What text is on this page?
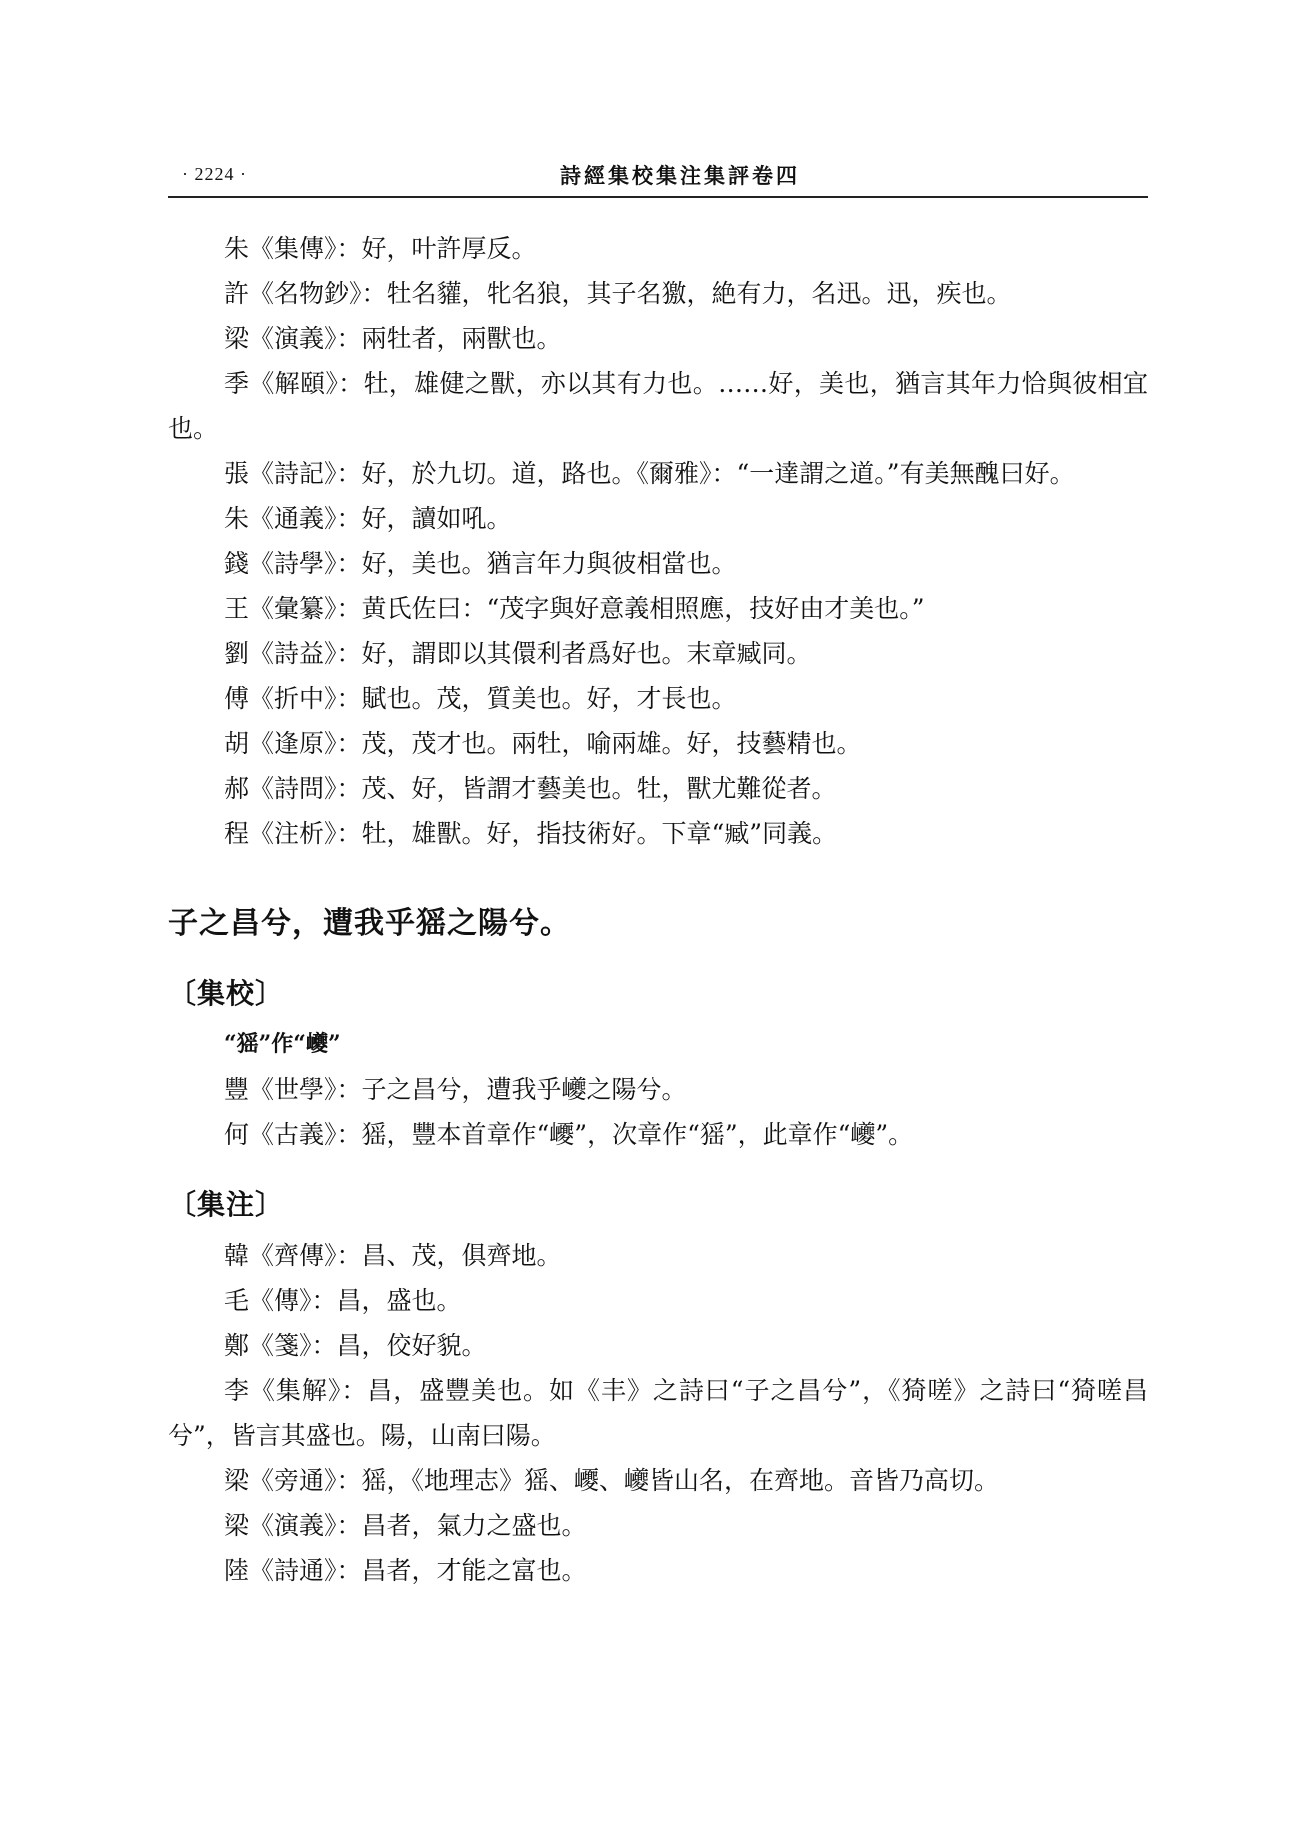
· 2224 ·	詩經集校集注集評卷四

朱《集傳》：好，叶許厚反。

許《名物鈔》：牡名貛，牝名狼，其子名獥，絶有力，名迅。迅，疾也。

梁《演義》：兩牡者，兩獸也。

季《解頤》：牡，雄健之獸，亦以其有力也。……好，美也，猶言其年力恰與彼相宜也。

張《詩記》：好，於九切。道，路也。《爾雅》：“一達謂之道。”有美無醜曰好。

朱《通義》：好，讀如吼。

錢《詩學》：好，美也。猶言年力與彼相當也。

王《彙纂》：黄氏佐曰：“茂字與好意義相照應，技好由才美也。”

劉《詩益》：好，謂即以其儇利者爲好也。末章臧同。

傅《折中》：賦也。茂，質美也。好，才長也。

胡《逢原》：茂，茂才也。兩牡，喻兩雄。好，技藝精也。

郝《詩問》：茂、好，皆謂才藝美也。牡，獸尤難從者。

程《注析》：牡，雄獸。好，指技術好。下章“臧”同義。

子之昌兮，遭我乎猺之陽兮。
〔集校〕

“猺”作“巙”

豐《世學》：子之昌兮，遭我乎巙之陽兮。

何《古義》：猺，豐本首章作“巎”，次章作“猺”，此章作“巙”。

〔集注〕

韓《齊傳》：昌、茂，俱齊地。

毛《傳》：昌，盛也。

鄭《箋》：昌，佼好貌。

李《集解》：昌，盛豐美也。如《丰》之詩曰“子之昌兮”，《猗嗟》之詩曰“猗嗟昌兮”，皆言其盛也。陽，山南曰陽。

梁《旁通》：猺，《地理志》猺、巎、巙皆山名，在齊地。音皆乃高切。

梁《演義》：昌者，氣力之盛也。

陸《詩通》：昌者，才能之富也。
